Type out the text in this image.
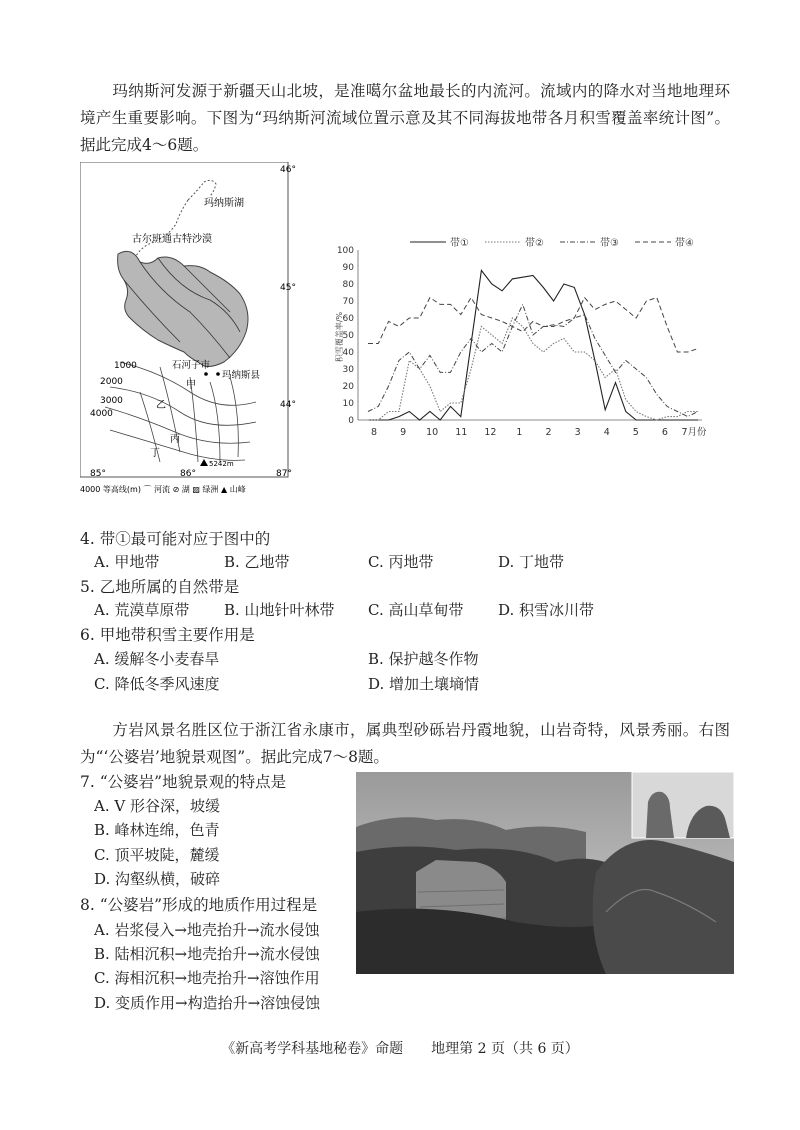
玛纳斯河发源于新疆天山北坡，是准噶尔盆地最长的内流河。流域内的降水对当地地理环境产生重要影响。下图为“玛纳斯河流域位置示意及其不同海拔地带各月积雪覆盖率统计图”。据此完成4～6题。
46°
45°
44°
85°	86°	87°
玛纳斯湖
古尔班通古特沙漠
石河子市
玛纳斯县
1000
2000
3000
4000
甲
乙
丙
丁
5242m
4000 等高线(m) ⌒ 河流 ⊘ 湖 ▨ 绿洲 ▲ 山峰
带①	带②	带③	带④
0
10
20
30
40
50
60
70
80
90
100
积雪覆盖率/%
8 9 10 11 12 1 2 3 4 5 6 7月份
4. 带①最可能对应于图中的
A. 甲地带	B. 乙地带	C. 丙地带	D. 丁地带
5. 乙地所属的自然带是
A. 荒漠草原带 B. 山地针叶林带 C. 高山草甸带 D. 积雪冰川带
6. 甲地带积雪主要作用是
A. 缓解冬小麦春旱	B. 保护越冬作物
C. 降低冬季风速度	D. 增加土壤墒情
方岩风景名胜区位于浙江省永康市，属典型砂砾岩丹霞地貌，山岩奇特，风景秀丽。右图为“‘公婆岩’地貌景观图”。据此完成7～8题。
7. “公婆岩”地貌景观的特点是
A. V 形谷深，坡缓
B. 峰林连绵，色青
C. 顶平坡陡，麓缓
D. 沟壑纵横，破碎
8. “公婆岩”形成的地质作用过程是
A. 岩浆侵入→地壳抬升→流水侵蚀
B. 陆相沉积→地壳抬升→流水侵蚀
C. 海相沉积→地壳抬升→溶蚀作用
D. 变质作用→构造抬升→溶蚀侵蚀
《新高考学科基地秘卷》命题　　地理第 2 页（共 6 页）
